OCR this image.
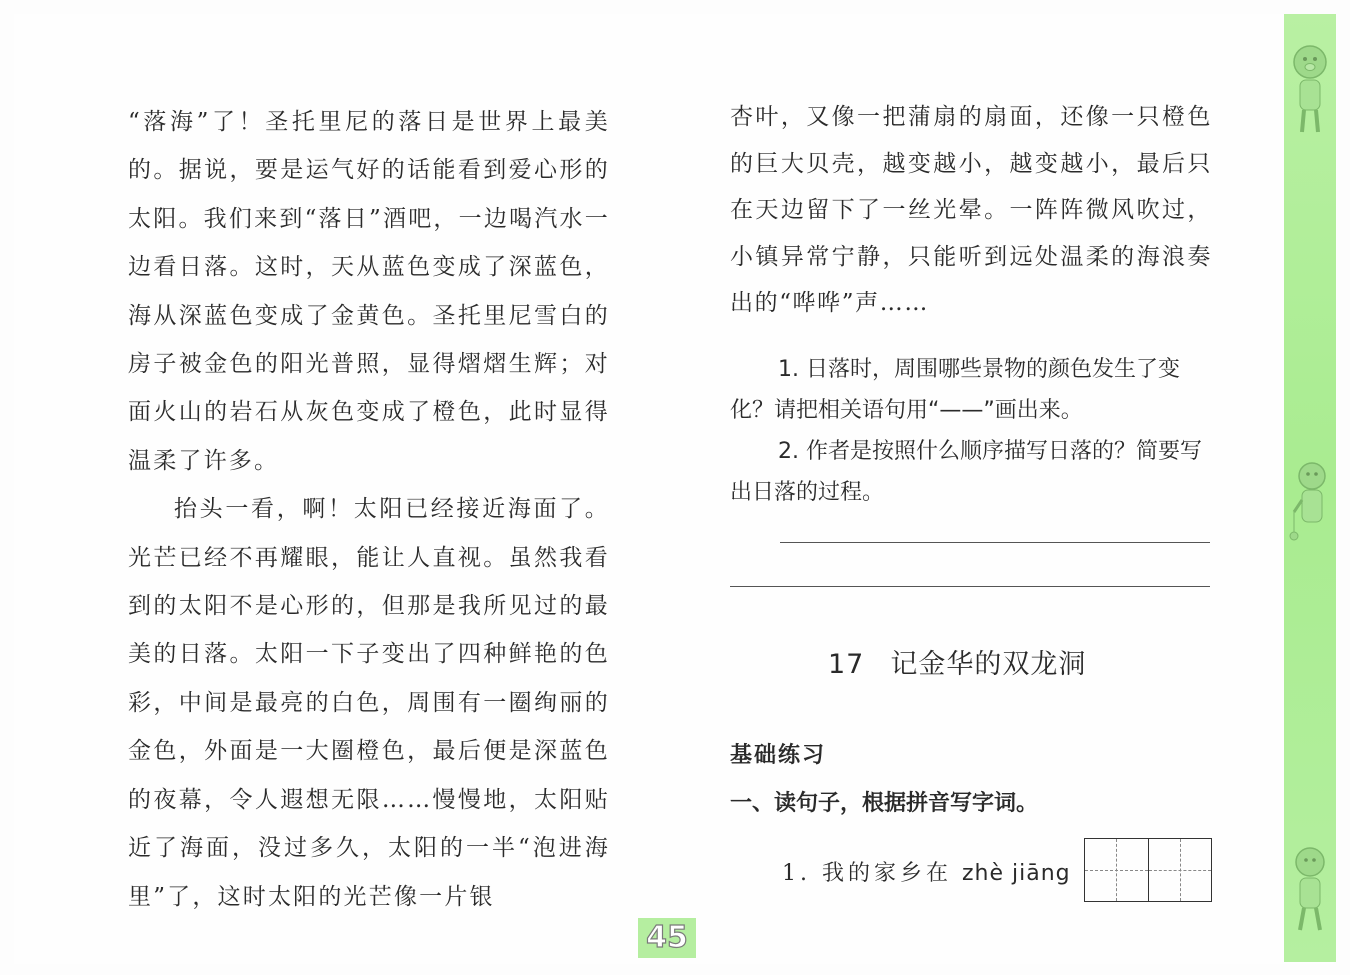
“落海”了！圣托里尼的落日是世界上最美的。据说，要是运气好的话能看到爱心形的太阳。我们来到“落日”酒吧，一边喝汽水一边看日落。这时，天从蓝色变成了深蓝色，海从深蓝色变成了金黄色。圣托里尼雪白的房子被金色的阳光普照，显得熠熠生辉；对面火山的岩石从灰色变成了橙色，此时显得温柔了许多。

抬头一看，啊！太阳已经接近海面了。光芒已经不再耀眼，能让人直视。虽然我看到的太阳不是心形的，但那是我所见过的最美的日落。太阳一下子变出了四种鲜艳的色彩，中间是最亮的白色，周围有一圈绚丽的金色，外面是一大圈橙色，最后便是深蓝色的夜幕，令人遐想无限……慢慢地，太阳贴近了海面，没过多久，太阳的一半“泡进海里”了，这时太阳的光芒像一片银

杏叶，又像一把蒲扇的扇面，还像一只橙色的巨大贝壳，越变越小，越变越小，最后只在天边留下了一丝光晕。一阵阵微风吹过，小镇异常宁静，只能听到远处温柔的海浪奏出的“哗哗”声……

1. 日落时，周围哪些景物的颜色发生了变化？请把相关语句用“——”画出来。

2. 作者是按照什么顺序描写日落的？简要写出日落的过程。

17 记金华的双龙洞
基础练习
一、读句子，根据拼音写字词。
1. 我的家乡在 zhè jiāng
45
